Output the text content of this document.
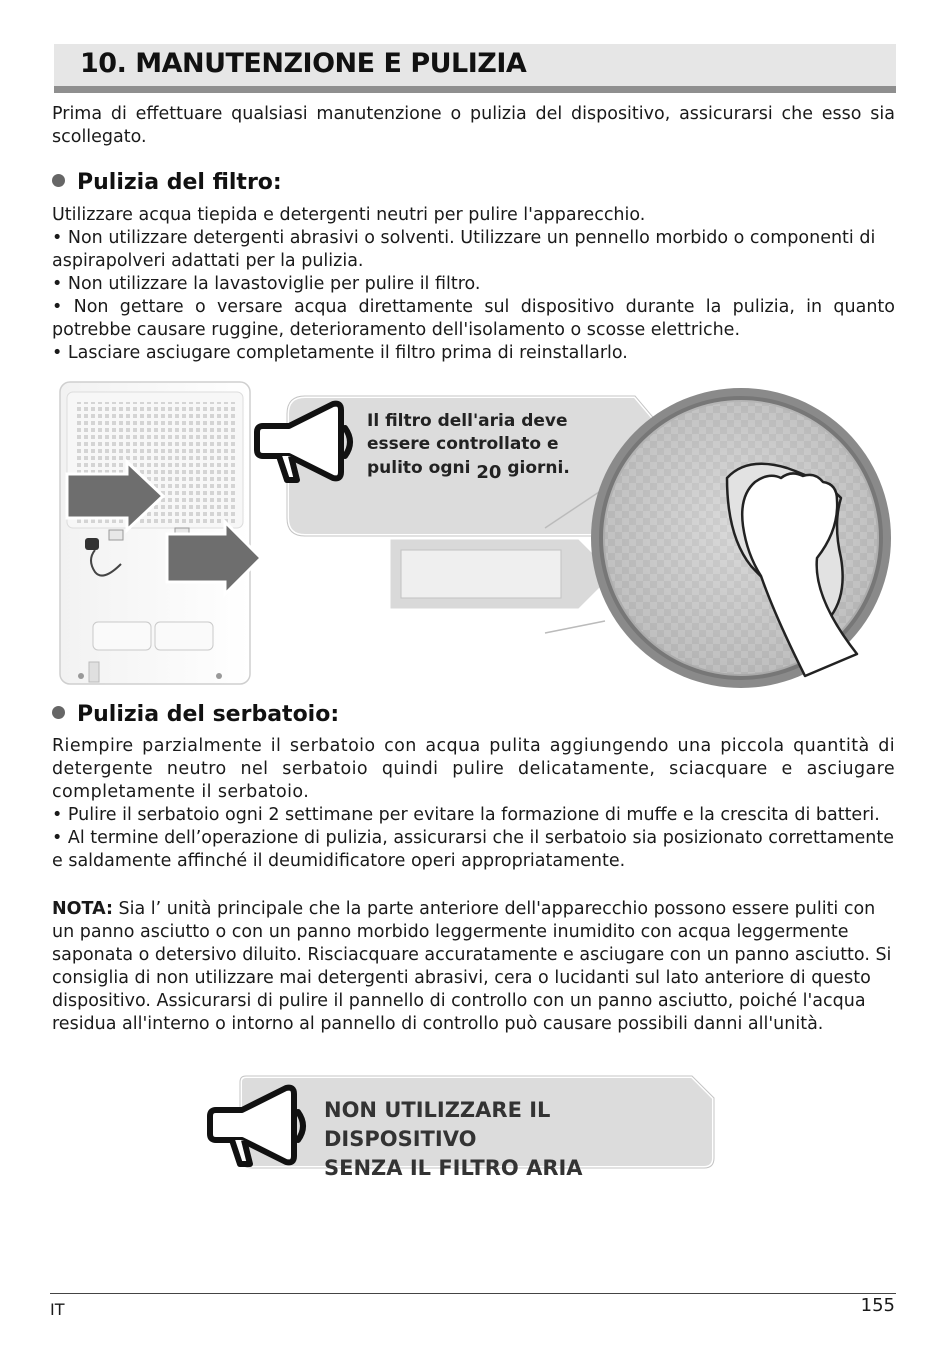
10. MANUTENZIONE E PULIZIA

Prima di effettuare qualsiasi manutenzione o pulizia del dispositivo, assicurarsi che esso sia scollegato.

Pulizia del filtro:

Utilizzare acqua tiepida e detergenti neutri per pulire l'apparecchio.

• Non utilizzare detergenti abrasivi o solventi. Utilizzare un pennello morbido o componenti di aspirapolveri adattati per la pulizia.

• Non utilizzare la lavastoviglie per pulire il filtro.

• Non gettare o versare acqua direttamente sul dispositivo durante la pulizia, in quanto potrebbe causare ruggine, deterioramento dell'isolamento o scosse elettriche.

• Lasciare asciugare completamente il filtro prima di reinstallarlo.

Il filtro dell'aria deve
essere controllato e
pulito ogni 20 giorni.
Pulizia del serbatoio:

Riempire parzialmente il serbatoio con acqua pulita aggiungendo una piccola quantità di detergente neutro nel serbatoio quindi pulire delicatamente, sciacquare e asciugare completamente il serbatoio.

• Pulire il serbatoio ogni 2 settimane per evitare la formazione di muffe e la crescita di batteri.

• Al termine dell’operazione di pulizia, assicurarsi che il serbatoio sia posizionato correttamente e saldamente affinché il deumidificatore operi appropriatamente.

NOTA: Sia l’ unità principale che la parte anteriore dell'apparecchio possono essere puliti con un panno asciutto o con un panno morbido leggermente inumidito con acqua leggermente saponata o detersivo diluito. Risciacquare accuratamente e asciugare con un panno asciutto. Si consiglia di non utilizzare mai detergenti abrasivi, cera o lucidanti sul lato anteriore di questo dispositivo. Assicurarsi di pulire il pannello di controllo con un panno asciutto, poiché l'acqua residua all'interno o intorno al pannello di controllo può causare possibili danni all'unità.

NON UTILIZZARE IL DISPOSITIVO
SENZA IL FILTRO ARIA
IT	155
